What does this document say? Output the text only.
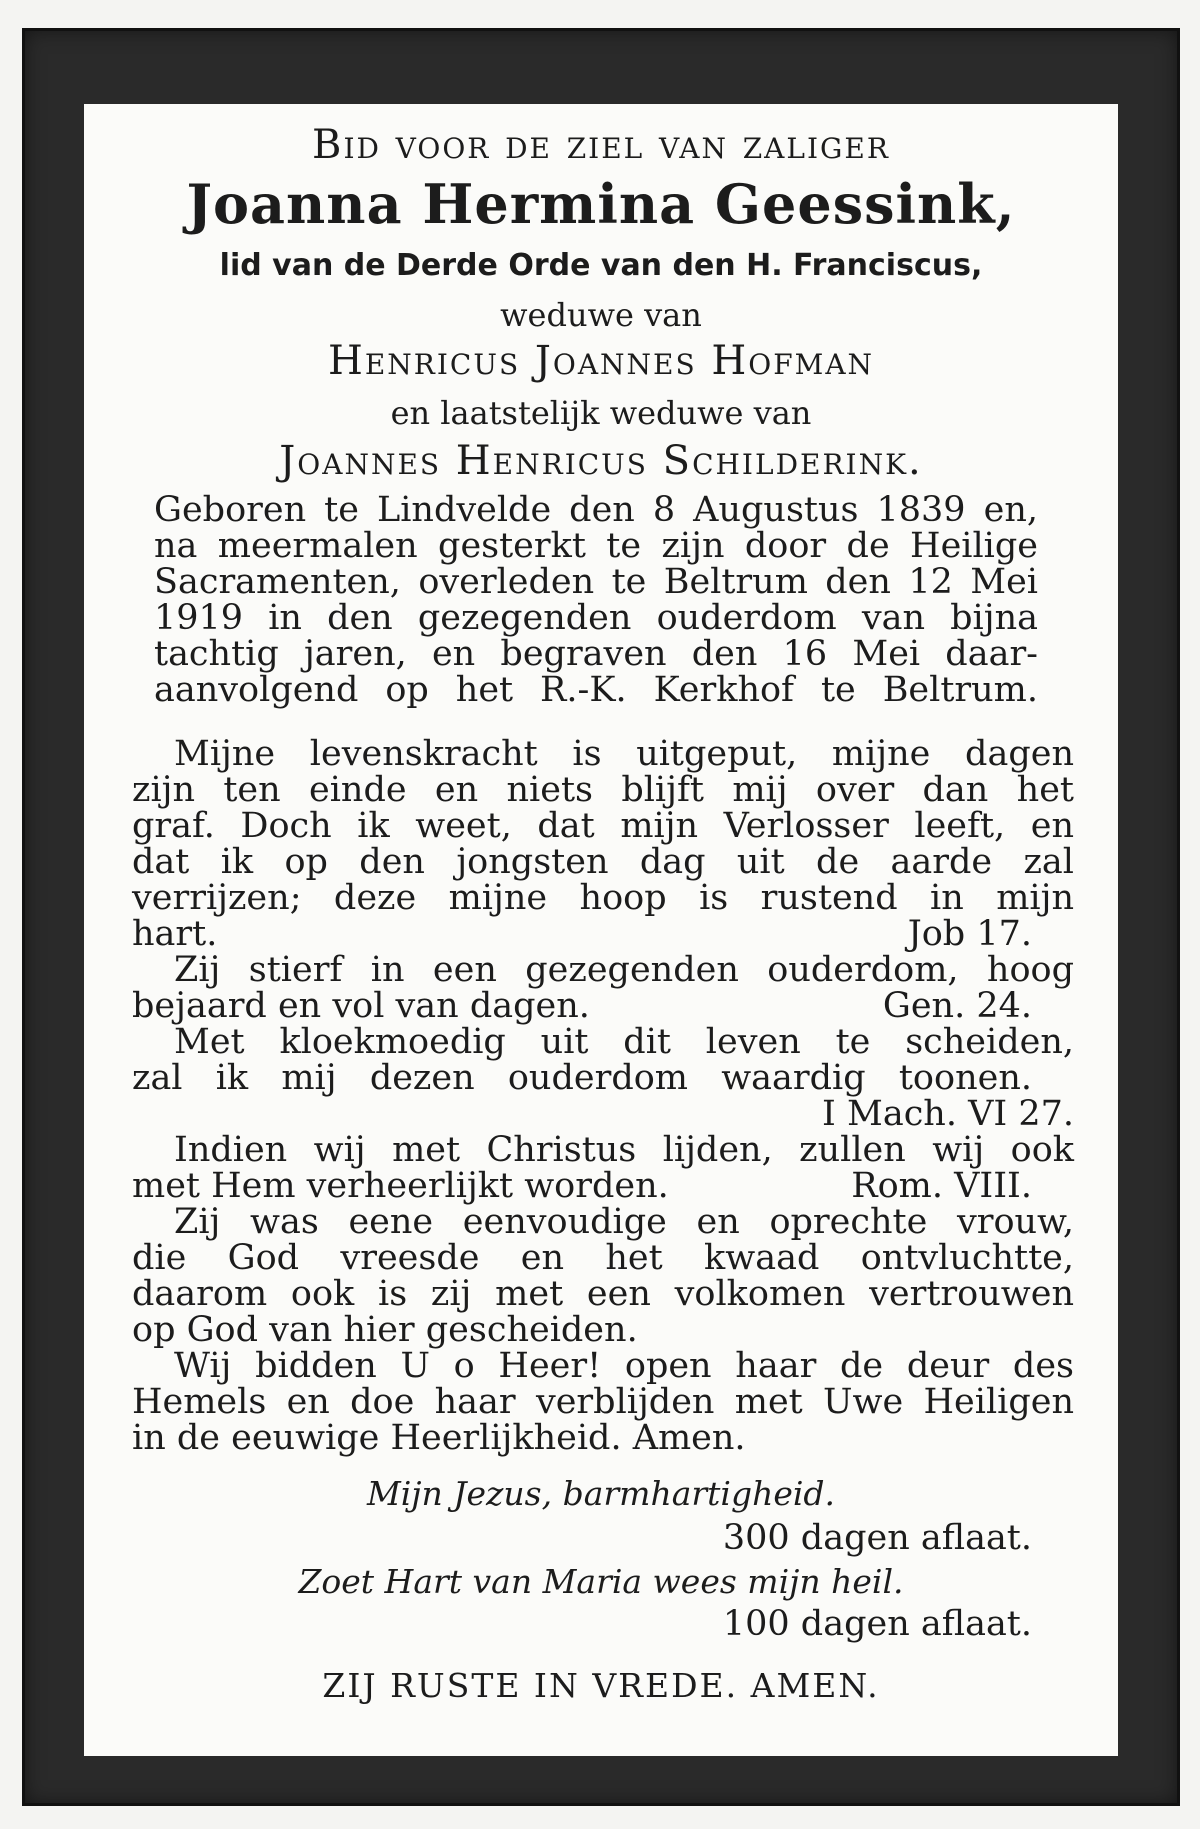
Bid voor de ziel van zaliger
Joanna Hermina Geessink,
lid van de Derde Orde van den H. Franciscus,
weduwe van
Henricus Joannes Hofman
en laatstelijk weduwe van
Joannes Henricus Schilderink.
Geboren te Lindvelde den 8 Augustus 1839 en,
na meermalen gesterkt te zijn door de Heilige
Sacramenten, overleden te Beltrum den 12 Mei
1919 in den gezegenden ouderdom van bijna
tachtig jaren, en begraven den 16 Mei daar-
aanvolgend op het R.-K. Kerkhof te Beltrum.
Mijne levenskracht is uitgeput, mijne dagen
zijn ten einde en niets blijft mij over dan het
graf. Doch ik weet, dat mijn Verlosser leeft, en
dat ik op den jongsten dag uit de aarde zal
verrijzen; deze mijne hoop is rustend in mijn
hart.	Job 17.
Zij stierf in een gezegenden ouderdom, hoog
bejaard en vol van dagen.	Gen. 24.
Met kloekmoedig uit dit leven te scheiden,
zal ik mij dezen ouderdom waardig toonen.
I Mach. VI 27.
Indien wij met Christus lijden, zullen wij ook
met Hem verheerlijkt worden.	Rom. VIII.
Zij was eene eenvoudige en oprechte vrouw,
die God vreesde en het kwaad ontvluchtte,
daarom ook is zij met een volkomen vertrouwen
op God van hier gescheiden.
Wij bidden U o Heer! open haar de deur des
Hemels en doe haar verblijden met Uwe Heiligen
in de eeuwige Heerlijkheid. Amen.
Mijn Jezus, barmhartigheid.
300 dagen aflaat.
Zoet Hart van Maria wees mijn heil.
100 dagen aflaat.
ZIJ RUSTE IN VREDE. AMEN.
